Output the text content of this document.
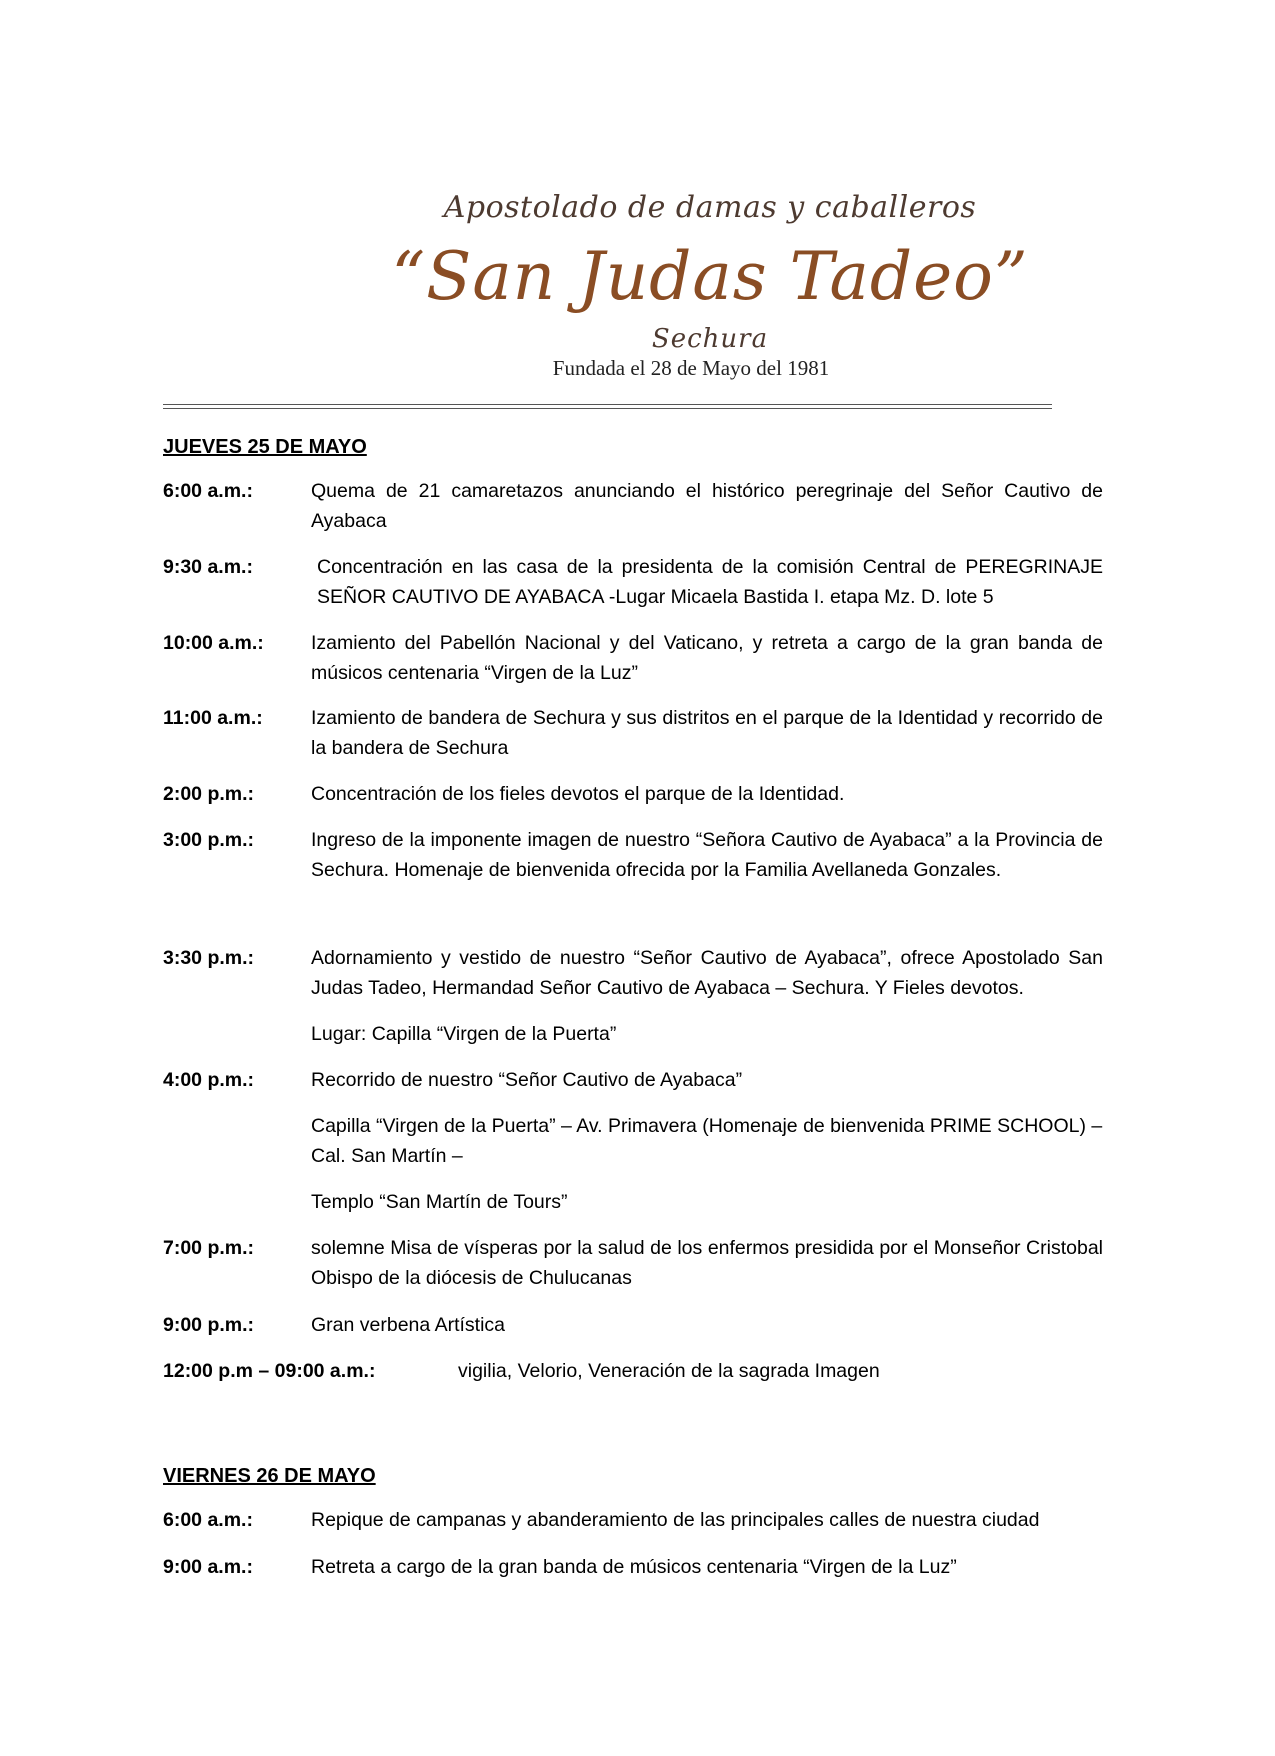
Apostolado de damas y caballeros
“San Judas Tadeo”
Sechura
Fundada el 28 de Mayo del 1981
JUEVES 25 DE MAYO
6:00 a.m.:	Quema de 21 camaretazos anunciando el histórico peregrinaje del Señor Cautivo de Ayabaca
9:30 a.m.:	Concentración en las casa de la presidenta de la comisión Central de PEREGRINAJE SEÑOR CAUTIVO DE AYABACA -Lugar Micaela Bastida I. etapa Mz. D. lote 5
10:00 a.m.: Izamiento del Pabellón Nacional y del Vaticano, y retreta a cargo de la gran banda de músicos centenaria “Virgen de la Luz”
11:00 a.m.: Izamiento de bandera de Sechura y sus distritos en el parque de la Identidad y recorrido de la bandera de Sechura
2:00 p.m.:	Concentración de los fieles devotos el parque de la Identidad.
3:00 p.m.:	Ingreso de la imponente imagen de nuestro “Señora Cautivo de Ayabaca” a la Provincia de Sechura. Homenaje de bienvenida ofrecida por la Familia Avellaneda Gonzales.
3:30 p.m.:	Adornamiento y vestido de nuestro “Señor Cautivo de Ayabaca”, ofrece Apostolado San Judas Tadeo, Hermandad Señor Cautivo de Ayabaca – Sechura. Y Fieles devotos.
Lugar: Capilla “Virgen de la Puerta”
4:00 p.m.:	Recorrido de nuestro “Señor Cautivo de Ayabaca”
Capilla “Virgen de la Puerta” – Av. Primavera (Homenaje de bienvenida PRIME SCHOOL) – Cal. San Martín –
Templo “San Martín de Tours”
7:00 p.m.:	solemne Misa de vísperas por la salud de los enfermos presidida por el Monseñor Cristobal Obispo de la diócesis de Chulucanas
9:00 p.m.:	Gran verbena Artística
12:00 p.m – 09:00 a.m.:	vigilia, Velorio, Veneración de la sagrada Imagen
VIERNES 26 DE MAYO
6:00 a.m.:	Repique de campanas y abanderamiento de las principales calles de nuestra ciudad
9:00 a.m.:	Retreta a cargo de la gran banda de músicos centenaria “Virgen de la Luz”
